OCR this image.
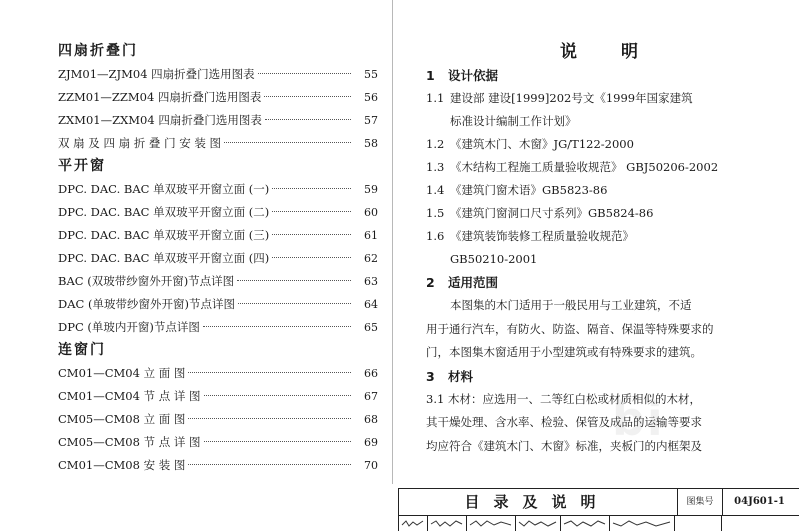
四扇折叠门
ZJM01—ZJM04 四扇折叠门选用图表	55
ZZM01—ZZM04 四扇折叠门选用图表	56
ZXM01—ZXM04 四扇折叠门选用图表	57
双 扇 及 四 扇 折 叠 门 安 装 图	58
平开窗
DPC. DAC. BAC 单双玻平开窗立面 (一)	59
DPC. DAC. BAC 单双玻平开窗立面 (二)	60
DPC. DAC. BAC 单双玻平开窗立面 (三)	61
DPC. DAC. BAC 单双玻平开窗立面 (四)	62
BAC (双玻带纱窗外开窗)节点详图	63
DAC (单玻带纱窗外开窗)节点详图	64
DPC (单玻内开窗)节点详图	65
连窗门
CM01—CM04 立 面 图	66
CM01—CM04 节 点 详 图	67
CM05—CM08 立 面 图	68
CM05—CM08 节 点 详 图	69
CM01—CM08 安 装 图	70
说明
1 设计依据
1.1 建设部 建设[1999]202号文《1999年国家建筑
标准设计编制工作计划》
1.2 《建筑木门、木窗》JG/T122-2000
1.3 《木结构工程施工质量验收规范》 GBJ50206-2002
1.4 《建筑门窗术语》GB5823-86
1.5 《建筑门窗洞口尺寸系列》GB5824-86
1.6 《建筑装饰装修工程质量验收规范》
GB50210-2001
2 适用范围
本图集的木门适用于一般民用与工业建筑，不适
用于通行汽车，有防火、防盗、隔音、保温等特殊要求的
门，本图集木窗适用于小型建筑或有特殊要求的建筑。
3 材料
3.1 木材：应选用一、二等红白松或材质相似的木材，
其干燥处理、含水率、检验、保管及成品的运输等要求
均应符合《建筑木门、木窗》标准，夹板门的内框架及
bi
目录及说明	图集号	04J601-1
